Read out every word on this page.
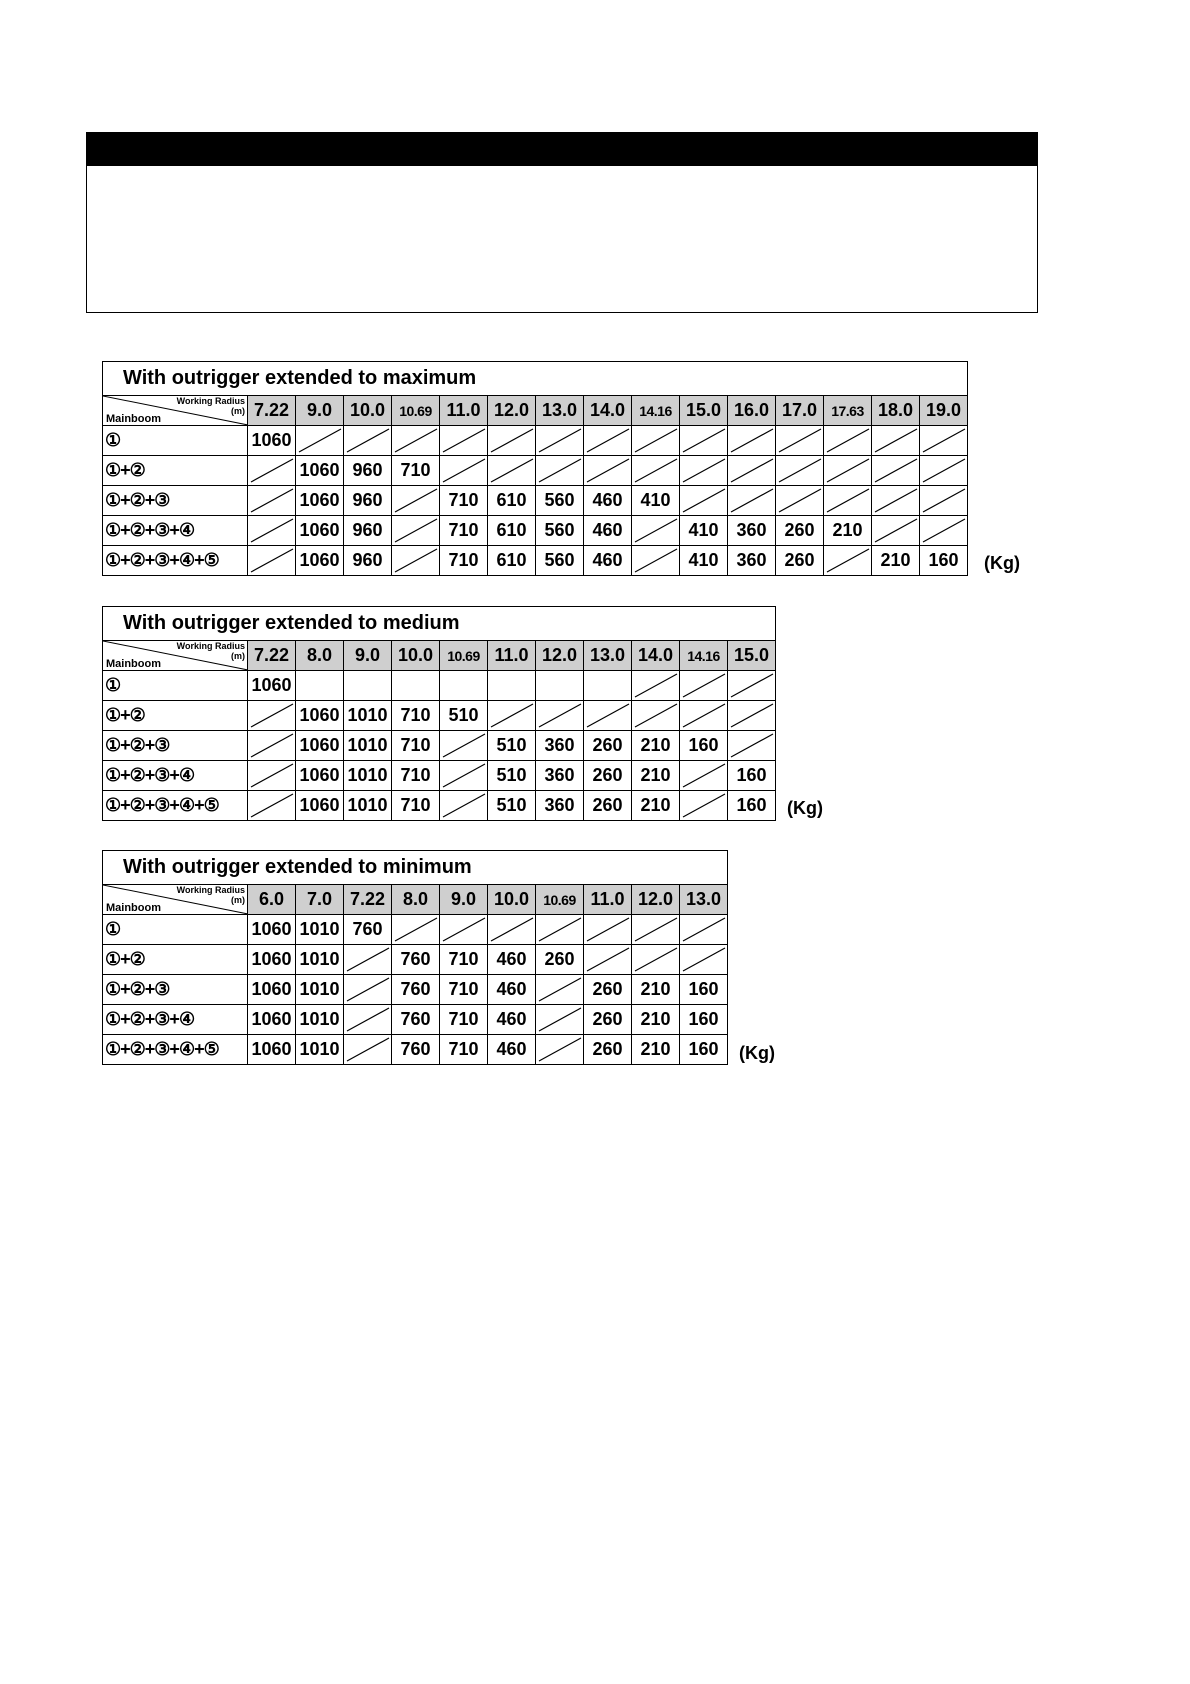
With outrigger extended to maximum															

Working Radius
(m)
Mainboom	7.22	9.0	10.0	10.69	11.0	12.0	13.0	14.0	14.16	15.0	16.0	17.0	17.63	18.0	19.0
①	1060	

①+②		1060	960	710	

①+②+③		1060	960		710	610	560	460	410	

①+②+③+④		1060	960		710	610	560	460		410	360	260	210	

①+②+③+④+⑤		1060	960		710	610	560	460		410	360	260		210	160 (Kg)
With outrigger extended to medium											

Working Radius
(m)
Mainboom	7.22	8.0	9.0	10.0	10.69	11.0	12.0	13.0	14.0	14.16	15.0
①	1060								

①+②		1060	1010	710	510	

①+②+③		1060	1010	710		510	360	260	210	160	

①+②+③+④		1060	1010	710		510	360	260	210		160
①+②+③+④+⑤		1060	1010	710		510	360	260	210		160 (Kg)
With outrigger extended to minimum										

Working Radius
(m)
Mainboom	6.0	7.0	7.22	8.0	9.0	10.0	10.69	11.0	12.0	13.0
①	1060	1010	760	

①+②	1060	1010		760	710	460	260	

①+②+③	1060	1010		760	710	460		260	210	160
①+②+③+④	1060	1010		760	710	460		260	210	160
①+②+③+④+⑤	1060	1010		760	710	460		260	210	160 (Kg)
